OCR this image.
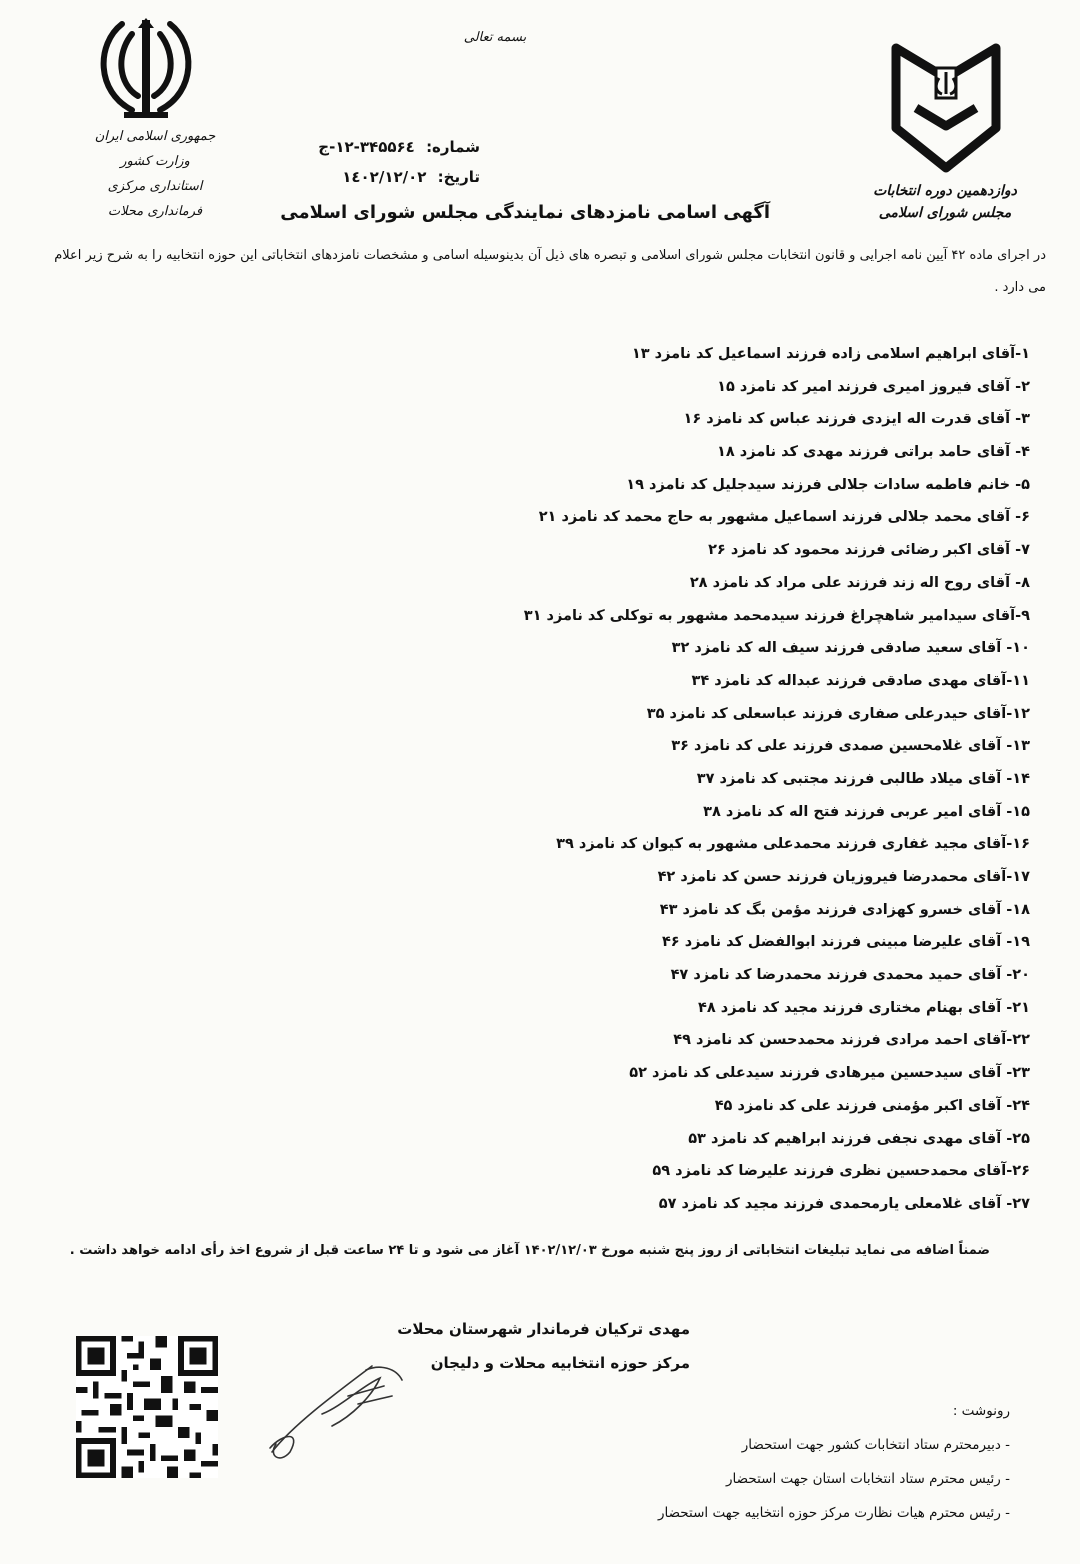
جمهوری اسلامی ایران
وزارت کشور
استانداری مرکزی
فرمانداری محلات
بسمه تعالی
شماره: ۳۴۵۵۶٤-۱۲-ج
تاریخ: ۱٤۰۲/۱۲/۰۲
دوازدهمین دوره انتخابات
مجلس شورای اسلامی
آگهی اسامی نامزدهای نمایندگی مجلس شورای اسلامی
در اجرای ماده ۴۲ آیین نامه اجرایی و قانون انتخابات مجلس شورای اسلامی و تبصره های ذیل آن بدینوسیله اسامی و مشخصات نامزدهای انتخاباتی این حوزه انتخابیه را به شرح زیر اعلام می دارد .
۱-آقای ابراهیم اسلامی زاده فرزند اسماعیل کد نامزد ۱۳
۲- آقای فیروز امیری فرزند امیر کد نامزد ۱۵
۳- آقای قدرت اله ایزدی فرزند عباس کد نامزد ۱۶
۴- آقای حامد براتی فرزند مهدی کد نامزد ۱۸
۵- خانم فاطمه سادات جلالی فرزند سیدجلیل کد نامزد ۱۹
۶- آقای محمد جلالی فرزند اسماعیل مشهور به حاج محمد کد نامزد ۲۱
۷- آقای اکبر رضائی فرزند محمود کد نامزد ۲۶
۸- آقای روح اله زند فرزند علی مراد کد نامزد ۲۸
۹-آقای سیدامیر شاهچراغ فرزند سیدمحمد مشهور به توکلی کد نامزد ۳۱
۱۰- آقای سعید صادقی فرزند سیف اله کد نامزد ۳۲
۱۱-آقای مهدی صادقی فرزند عبداله کد نامزد ۳۴
۱۲-آقای حیدرعلی صفاری فرزند عباسعلی کد نامزد ۳۵
۱۳- آقای غلامحسین صمدی فرزند علی کد نامزد ۳۶
۱۴- آقای میلاد طالبی فرزند مجتبی کد نامزد ۳۷
۱۵- آقای امیر عربی فرزند فتح اله کد نامزد ۳۸
۱۶-آقای مجید غفاری فرزند محمدعلی مشهور به کیوان کد نامزد ۳۹
۱۷-آقای محمدرضا فیروزیان فرزند حسن کد نامزد ۴۲
۱۸- آقای خسرو کهزادی فرزند مؤمن بگ کد نامزد ۴۳
۱۹- آقای علیرضا مبینی فرزند ابوالفضل کد نامزد ۴۶
۲۰- آقای حمید محمدی فرزند محمدرضا کد نامزد ۴۷
۲۱- آقای بهنام مختاری فرزند مجید کد نامزد ۴۸
۲۲-آقای احمد مرادی فرزند محمدحسن کد نامزد ۴۹
۲۳- آقای سیدحسین میرهادی فرزند سیدعلی کد نامزد ۵۲
۲۴- آقای اکبر مؤمنی فرزند علی کد نامزد ۴۵
۲۵- آقای مهدی نجفی فرزند ابراهیم کد نامزد ۵۳
۲۶-آقای محمدحسین نظری فرزند علیرضا کد نامزد ۵۹
۲۷- آقای غلامعلی یارمحمدی فرزند مجید کد نامزد ۵۷
ضمناً اضافه می نماید تبلیغات انتخاباتی از روز پنج شنبه مورخ ۱۴۰۲/۱۲/۰۳ آغاز می شود و تا ۲۴ ساعت قبل از شروع اخذ رأی ادامه خواهد داشت .
مهدی ترکیان فرماندار شهرستان محلات
مرکز حوزه انتخابیه محلات و دلیجان
رونوشت :
- دبیرمحترم ستاد انتخابات کشور جهت استحضار
- رئیس محترم ستاد انتخابات استان جهت استحضار
- رئیس محترم هیات نظارت مرکز حوزه انتخابیه جهت استحضار
